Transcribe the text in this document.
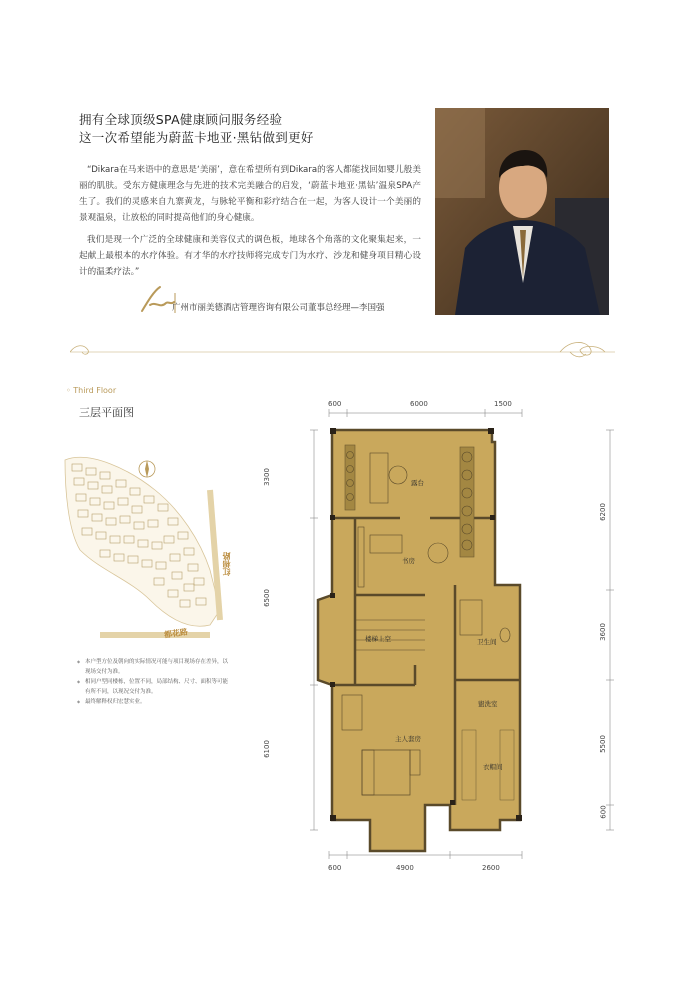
拥有全球顶级SPA健康顾问服务经验
这一次希望能为蔚蓝卡地亚·黑钻做到更好
“Dikara在马来语中的意思是‘美丽’，意在希望所有到Dikara的客人都能找回如婴儿般美丽的肌肤。受东方健康理念与先进的技术完美融合的启发，‘蔚蓝卡地亚·黑钻’温泉SPA产生了。我们的灵感来自九寨黄龙，与脉轮平衡和彩疗结合在一起，为客人设计一个美丽的景观温泉，让放松的同时提高他们的身心健康。
我们是现一个广泛的全球健康和美容仪式的调色板，地球各个角落的文化聚集起来，一起献上最根本的水疗体验。有才华的水疗技师将完成专门为水疗、沙龙和健身项目精心设计的温柔疗法。”
广州市丽美德酒店管理咨询有限公司董事总经理—李国强
◦ Third Floor
三层平面图
红棉路
都花路
◆ 本户型方位及朝向的实际情况可能与项目现场存在差异，以现场交付为准。
◆ 相同户型同楼栋，位置不同，局部结构、尺寸、面积等可能有所不同，以现况交付为准。
◆ 最终解释权归宏慧实业。
600	6000	1500
600	4900	2600
3300
6500
6100
6200
3600
5500
600
露台
书房
楼梯上空	卫生间
主人套房
盥洗室
衣帽间
